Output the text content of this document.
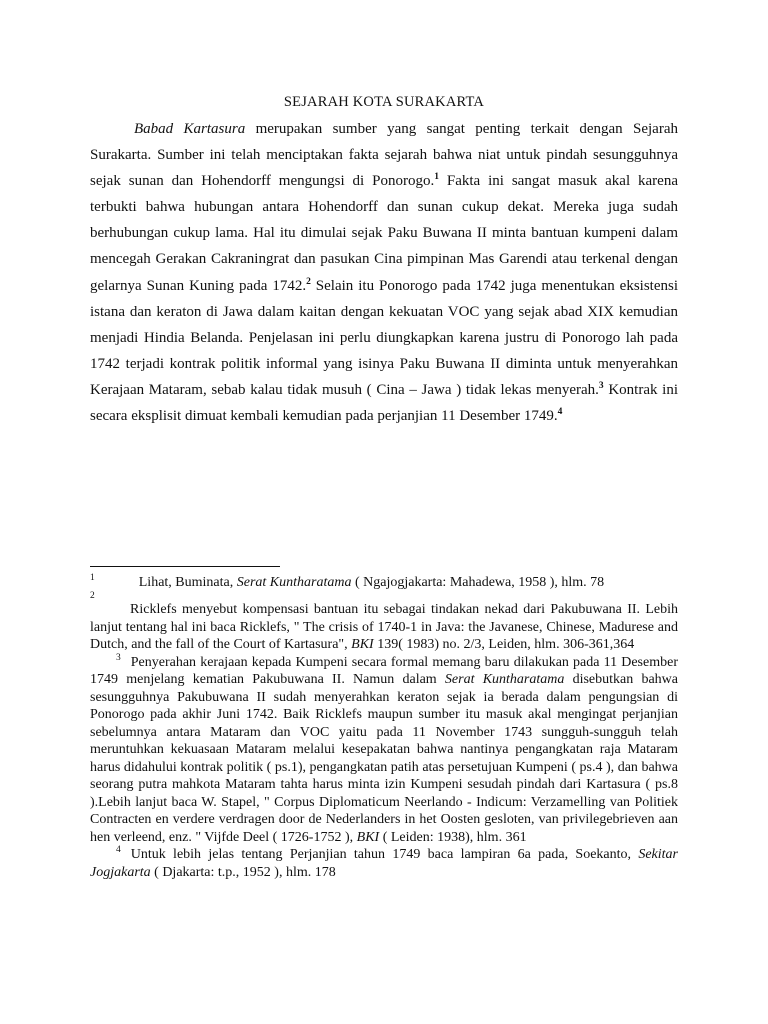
SEJARAH KOTA SURAKARTA
Babad Kartasura merupakan sumber yang sangat penting terkait dengan Sejarah Surakarta. Sumber ini telah menciptakan fakta sejarah bahwa niat untuk pindah sesungguhnya sejak sunan dan Hohendorff mengungsi di Ponorogo.$^1$ Fakta ini sangat masuk akal karena terbukti bahwa hubungan antara Hohendorff dan sunan cukup dekat. Mereka juga sudah berhubungan cukup lama. Hal itu dimulai sejak Paku Buwana II minta bantuan kumpeni dalam mencegah Gerakan Cakraningrat dan pasukan Cina pimpinan Mas Garendi atau terkenal dengan gelarnya Sunan Kuning pada 1742.$^2$ Selain itu Ponorogo pada 1742 juga menentukan eksistensi istana dan keraton di Jawa dalam kaitan dengan kekuatan VOC yang sejak abad XIX kemudian menjadi Hindia Belanda. Penjelasan ini perlu diungkapkan karena justru di Ponorogo lah pada 1742 terjadi kontrak politik informal yang isinya Paku Buwana II diminta untuk menyerahkan Kerajaan Mataram, sebab kalau tidak musuh ( Cina – Jawa ) tidak lekas menyerah.$^3$ Kontrak ini secara eksplisit dimuat kembali kemudian pada perjanjian 11 Desember 1749.$^4$

$^1$	Lihat, Buminata, Serat Kuntharatama ( Ngajogjakarta: Mahadewa, 1958 ), hlm. 78

$^2$
Ricklefs menyebut kompensasi bantuan itu sebagai tindakan nekad dari Pakubuwana II. Lebih lanjut tentang hal ini baca Ricklefs, " The crisis of 1740-1 in Java: the Javanese, Chinese, Madurese and Dutch, and the fall of the Court of Kartasura", BKI 139( 1983) no. 2/3, Leiden, hlm. 306-361,364

$^3$ Penyerahan kerajaan kepada Kumpeni secara formal memang baru dilakukan pada 11 Desember 1749 menjelang kematian Pakubuwana II. Namun dalam Serat Kuntharatama disebutkan bahwa sesungguhnya Pakubuwana II sudah menyerahkan keraton sejak ia berada dalam pengungsian di Ponorogo pada akhir Juni 1742. Baik Ricklefs maupun sumber itu masuk akal mengingat perjanjian sebelumnya antara Mataram dan VOC yaitu pada 11 November 1743 sungguh-sungguh telah meruntuhkan kekuasaan Mataram melalui kesepakatan bahwa nantinya pengangkatan raja Mataram harus didahului kontrak politik ( ps.1), pengangkatan patih atas persetujuan Kumpeni ( ps.4 ), dan bahwa seorang putra mahkota Mataram tahta harus minta izin Kumpeni sesudah pindah dari Kartasura ( ps.8 ).Lebih lanjut baca W. Stapel, " Corpus Diplomaticum Neerlando - Indicum: Verzamelling van Politiek Contracten en verdere verdragen door de Nederlanders in het Oosten gesloten, van privilegebrieven aan hen verleend, enz. " Vijfde Deel ( 1726-1752 ), BKI ( Leiden: 1938), hlm. 361

$^4$ Untuk lebih jelas tentang Perjanjian tahun 1749 baca lampiran 6a pada, Soekanto, Sekitar Jogjakarta ( Djakarta: t.p., 1952 ), hlm. 178
